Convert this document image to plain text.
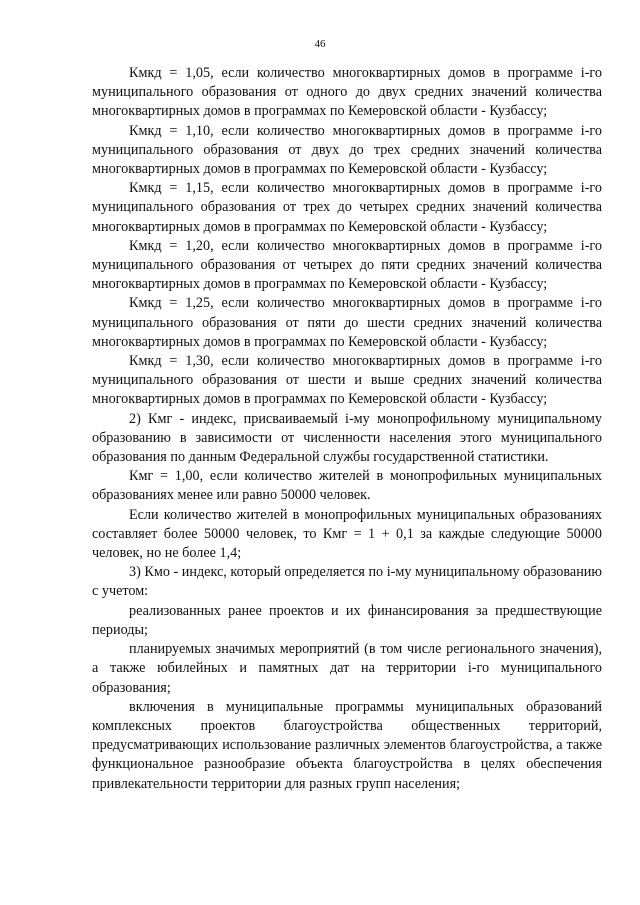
46

Кмкд = 1,05, если количество многоквартирных домов в программе i-го муниципального образования от одного до двух средних значений количества многоквартирных домов в программах по Кемеровской области - Кузбассу;

Кмкд = 1,10, если количество многоквартирных домов в программе i-го муниципального образования от двух до трех средних значений количества многоквартирных домов в программах по Кемеровской области - Кузбассу;

Кмкд = 1,15, если количество многоквартирных домов в программе i-го муниципального образования от трех до четырех средних значений количества многоквартирных домов в программах по Кемеровской области - Кузбассу;

Кмкд = 1,20, если количество многоквартирных домов в программе i-го муниципального образования от четырех до пяти средних значений количества многоквартирных домов в программах по Кемеровской области - Кузбассу;

Кмкд = 1,25, если количество многоквартирных домов в программе i-го муниципального образования от пяти до шести средних значений количества многоквартирных домов в программах по Кемеровской области - Кузбассу;

Кмкд = 1,30, если количество многоквартирных домов в программе i-го муниципального образования от шести и выше средних значений количества многоквартирных домов в программах по Кемеровской области - Кузбассу;

2) Кмг - индекс, присваиваемый i-му монопрофильному муниципальному образованию в зависимости от численности населения этого муниципального образования по данным Федеральной службы государственной статистики.

Кмг = 1,00, если количество жителей в монопрофильных муниципальных образованиях менее или равно 50000 человек.

Если количество жителей в монопрофильных муниципальных образованиях составляет более 50000 человек, то Кмг = 1 + 0,1 за каждые следующие 50000 человек, но не более 1,4;

3) Кмо - индекс, который определяется по i-му муниципальному образованию с учетом:

реализованных ранее проектов и их финансирования за предшествующие периоды;

планируемых значимых мероприятий (в том числе регионального значения), а также юбилейных и памятных дат на территории i-го муниципального образования;

включения в муниципальные программы муниципальных образований комплексных проектов благоустройства общественных территорий, предусматривающих использование различных элементов благоустройства, а также функциональное разнообразие объекта благоустройства в целях обеспечения привлекательности территории для разных групп населения;
